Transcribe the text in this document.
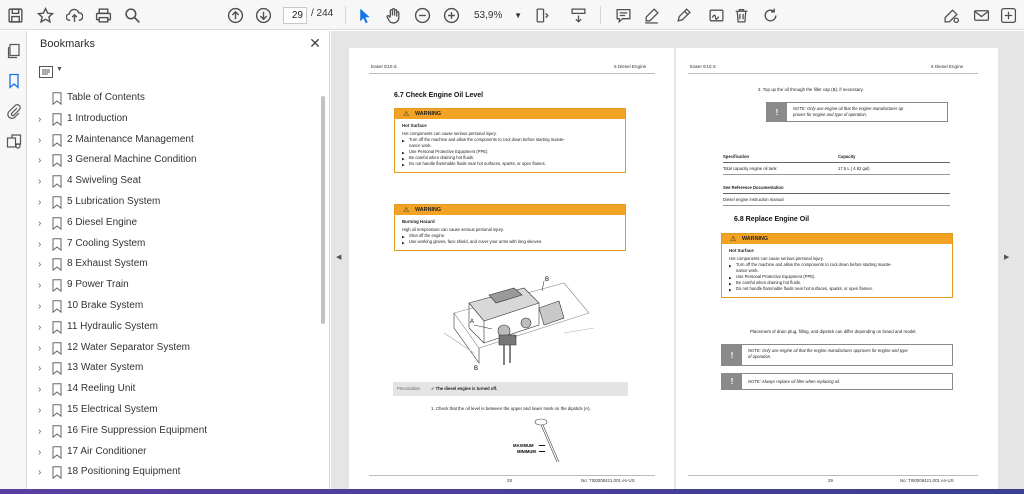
29 / 244	53,9% ▼
Bookmarks	✕
▼
Table of Contents
›	1 Introduction
›	2 Maintenance Management
›	3 General Machine Condition
›	4 Swiveling Seat
›	5 Lubrication System
›	6 Diesel Engine
›	7 Cooling System
›	8 Exhaust System
›	9 Power Train
›	10 Brake System
›	11 Hydraulic System
›	12 Water Separator System
›	13 Water System
›	14 Reeling Unit
›	15 Electrical System
›	16 Fire Suppression Equipment
›	17 Air Conditioner
›	18 Positioning Equipment
◀	▶
Easer E10.S	6 Diesel Engine
6.7 Check Engine Oil Level
⚠ WARNING
Hot Surface
Hot components can cause serious personal injury.
▶ Turn off the machine and allow the components to cool down before starting mainte-
nance work.
▶ Use Personal Protective Equipment (PPE).
▶ Be careful when draining hot fluids.
▶ Do not handle flammable fluids near hot surfaces, sparks, or open flames.
⚠ WARNING
Burning Hazard
High oil temperature can cause serious personal injury.
▶ Shut off the engine.
▶ Use working gloves, face shield, and cover your arms with long sleeves.
A
B
B
Precondition	✓ The diesel engine is turned off.
1. Check that the oil level is between the upper and lower mark on the dipstick (A).
MAXIMUM
MINIMUM
28	No: TI00008421.001 en-US
Easer E10.S	6 Diesel Engine
2. Top up the oil through the filler cap (B), if necessary.
!	NOTE: Only use engine oil that the engine manufacturer ap-
proves for engine and type of operation.
Specification	Capacity
Total capacity engine oil tank	17.5 L ( 4.62 gal)
See Reference Documentation
Diesel engine instruction manual
6.8 Replace Engine Oil
⚠ WARNING
Hot Surface
Hot components can cause serious personal injury.
▶ Turn off the machine and allow the components to cool down before starting mainte-
nance work.
▶ Use Personal Protective Equipment (PPE).
▶ Be careful when draining hot fluids.
▶ Do not handle flammable fluids near hot surfaces, sparks, or open flames.
Placement of drain plug, filling, and dipstick can differ depending on brand and model.
!	NOTE: Only use engine oil that the engine manufacturer approves for engine and type
of operation.
!	NOTE: Always replace oil filter when replacing oil.
29	No: TI00008421.001 en-US
